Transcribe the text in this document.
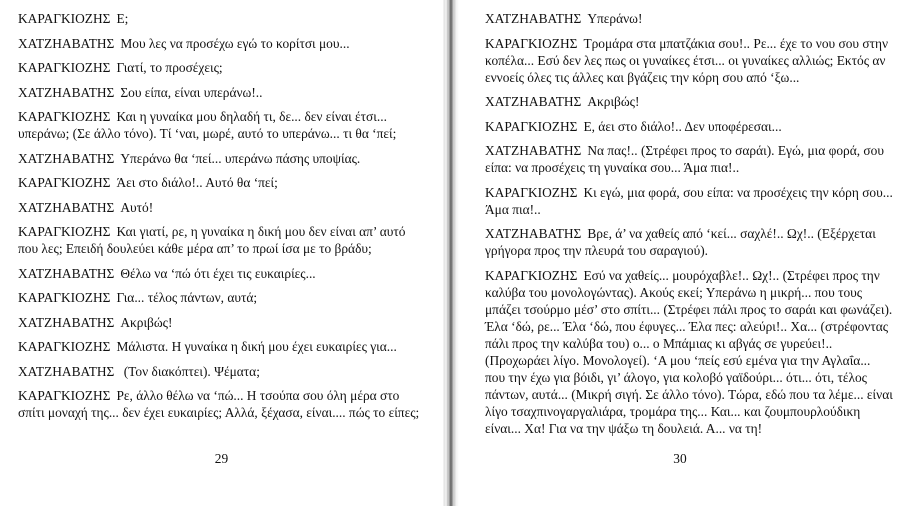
ΚΑΡΑΓΚΙΟΖΗΣ Ε;

ΧΑΤΖΗΑΒΑΤΗΣ Μου λες να προσέχω εγώ το κορίτσι μου...

ΚΑΡΑΓΚΙΟΖΗΣ Γιατί, το προσέχεις;

ΧΑΤΖΗΑΒΑΤΗΣ Σου είπα, είναι υπεράνω!..

ΚΑΡΑΓΚΙΟΖΗΣ Και η γυναίκα μου δηλαδή τι, δε... δεν είναι έτσι... υπεράνω; (Σε άλλο τόνο). Τί ‘ναι, μωρέ, αυτό το υπεράνω... τι θα ‘πεί;

ΧΑΤΖΗΑΒΑΤΗΣ Υπεράνω θα ‘πεί... υπεράνω πάσης υποψίας.

ΚΑΡΑΓΚΙΟΖΗΣ Άει στο διάλο!.. Αυτό θα ‘πεί;

ΧΑΤΖΗΑΒΑΤΗΣ Αυτό!

ΚΑΡΑΓΚΙΟΖΗΣ Και γιατί, ρε, η γυναίκα η δική μου δεν είναι απ’ αυτό που λες; Επειδή δουλεύει κάθε μέρα απ’ το πρωί ίσα με το βράδυ;

ΧΑΤΖΗΑΒΑΤΗΣ Θέλω να ‘πώ ότι έχει τις ευκαιρίες...

ΚΑΡΑΓΚΙΟΖΗΣ Για... τέλος πάντων, αυτά;

ΧΑΤΖΗΑΒΑΤΗΣ Ακριβώς!

ΚΑΡΑΓΚΙΟΖΗΣ Μάλιστα. Η γυναίκα η δική μου έχει ευκαιρίες για...

ΧΑΤΖΗΑΒΑΤΗΣ (Τον διακόπτει). Ψέματα;

ΚΑΡΑΓΚΙΟΖΗΣ Ρε, άλλο θέλω να ‘πώ... Η τσούπα σου όλη μέρα στο σπίτι μοναχή της... δεν έχει ευκαιρίες; Αλλά, ξέχασα, είναι.... πώς το είπες;

29

ΧΑΤΖΗΑΒΑΤΗΣ Υπεράνω!

ΚΑΡΑΓΚΙΟΖΗΣ Τρομάρα στα μπατζάκια σου!.. Ρε... έχε το νου σου στην κοπέλα... Εσύ δεν λες πως οι γυναίκες έτσι... οι γυναίκες αλλιώς; Εκτός αν εννοείς όλες τις άλλες και βγάζεις την κόρη σου από ‘ξω...

ΧΑΤΖΗΑΒΑΤΗΣ Ακριβώς!

ΚΑΡΑΓΚΙΟΖΗΣ Ε, άει στο διάλο!.. Δεν υποφέρεσαι...

ΧΑΤΖΗΑΒΑΤΗΣ Να πας!.. (Στρέφει προς το σαράι). Εγώ, μια φορά, σου είπα: να προσέχεις τη γυναίκα σου... Άμα πια!..

ΚΑΡΑΓΚΙΟΖΗΣ Κι εγώ, μια φορά, σου είπα: να προσέχεις την κόρη σου... Άμα πια!..

ΧΑΤΖΗΑΒΑΤΗΣ Βρε, ά’ να χαθείς από ‘κεί... σαχλέ!.. Ωχ!.. (Εξέρχεται γρήγορα προς την πλευρά του σαραγιού).

ΚΑΡΑΓΚΙΟΖΗΣ Εσύ να χαθείς... μουρόχαβλε!.. Ωχ!.. (Στρέφει προς την καλύβα του μονολογώντας). Ακούς εκεί; Υπεράνω η μικρή... που τους μπάζει τσούρμο μέσ’ στο σπίτι... (Στρέφει πάλι προς το σαράι και φωνάζει). Έλα ‘δώ, ρε... Έλα ‘δώ, που έφυγες... Έλα πες: αλεύρι!.. Χα... (στρέφοντας πάλι προς την καλύβα του) ο... ο Μπάμιας κι αβγάς σε γυρεύει!.. (Προχωράει λίγο. Μονολογεί). ‘Α μου ‘πείς εσύ εμένα για την Αγλαΐα... που την έχω για βόιδι, γι’ άλογο, για κολοβό γαϊδούρι... ότι... ότι, τέλος πάντων, αυτά... (Μικρή σιγή. Σε άλλο τόνο). Τώρα, εδώ που τα λέμε... είναι λίγο τσαχπινογαργαλιάρα, τρομάρα της... Και... και ζουμπουρλούδικη είναι... Χα! Για να την ψάξω τη δουλειά. Α... να τη!

30
